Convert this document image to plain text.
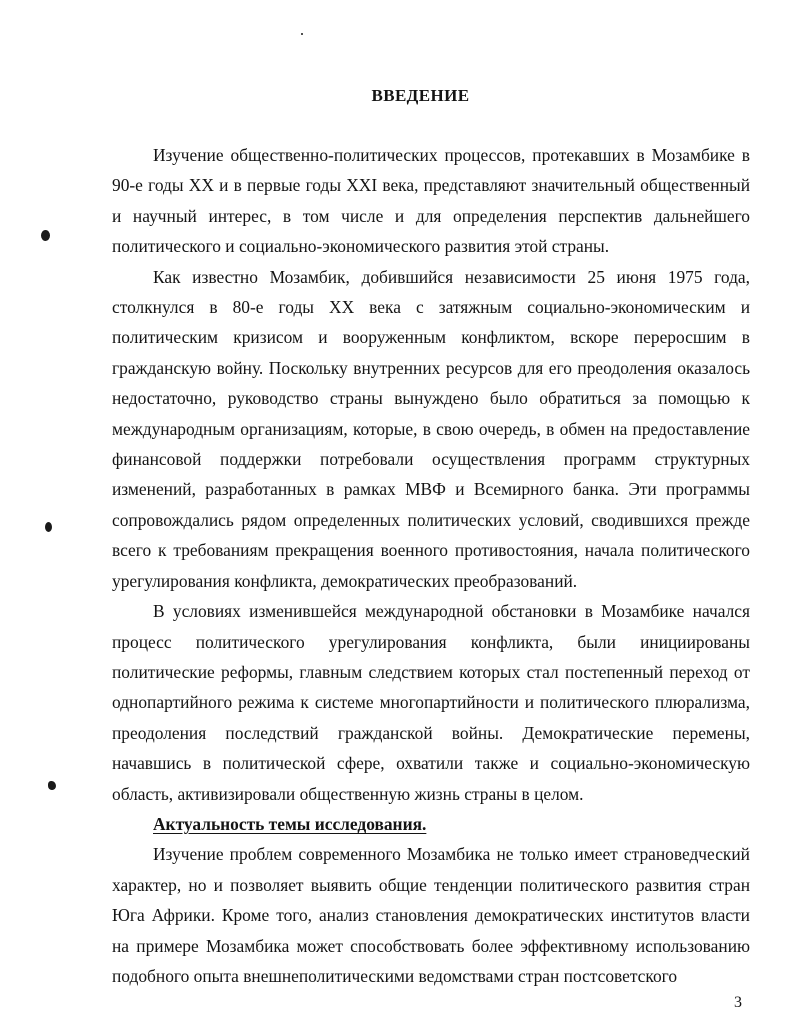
ВВЕДЕНИЕ

Изучение общественно-политических процессов, протекавших в Мозамбике в 90-е годы XX и в первые годы XXI века, представляют значительный общественный и научный интерес, в том числе и для определения перспектив дальнейшего политического и социально-экономического развития этой страны.

Как известно Мозамбик, добившийся независимости 25 июня 1975 года, столкнулся в 80-е годы XX века с затяжным социально-экономическим и политическим кризисом и вооруженным конфликтом, вскоре переросшим в гражданскую войну. Поскольку внутренних ресурсов для его преодоления оказалось недостаточно, руководство страны вынуждено было обратиться за помощью к международным организациям, которые, в свою очередь, в обмен на предоставление финансовой поддержки потребовали осуществления программ структурных изменений, разработанных в рамках МВФ и Всемирного банка. Эти программы сопровождались рядом определенных политических условий, сводившихся прежде всего к требованиям прекращения военного противостояния, начала политического урегулирования конфликта, демократических преобразований.

В условиях изменившейся международной обстановки в Мозамбике начался процесс политического урегулирования конфликта, были инициированы политические реформы, главным следствием которых стал постепенный переход от однопартийного режима к системе многопартийности и политического плюрализма, преодоления последствий гражданской войны. Демократические перемены, начавшись в политической сфере, охватили также и социально-экономическую область, активизировали общественную жизнь страны в целом.

Актуальность темы исследования.

Изучение проблем современного Мозамбика не только имеет страноведческий характер, но и позволяет выявить общие тенденции политического развития стран Юга Африки. Кроме того, анализ становления демократических институтов власти на примере Мозамбика может способствовать более эффективному использованию подобного опыта внешнеполитическими ведомствами стран постсоветского

3
